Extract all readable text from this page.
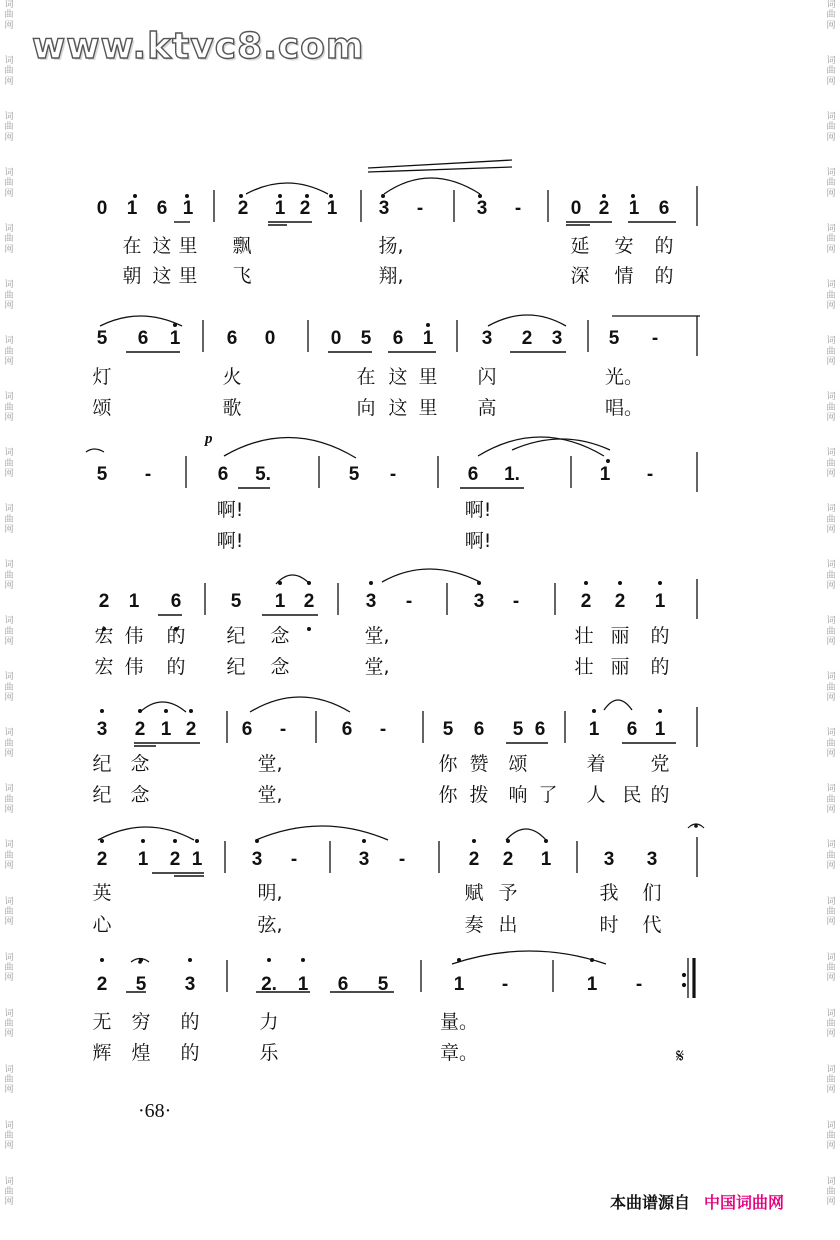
词
曲
网
词
曲
网
词
曲
网
词
曲
网
词
曲
网
词
曲
网
词
曲
网
词
曲
网
词
曲
网
词
曲
网
词
曲
网
词
曲
网
词
曲
网
词
曲
网
词
曲
网
词
曲
网
词
曲
网
词
曲
网
词
曲
网
词
曲
网
词
曲
网
词
曲
网
词
曲
网
词
曲
网
词
曲
网
词
曲
网
词
曲
网
词
曲
网
词
曲
网
词
曲
网
词
曲
网
词
曲
网
词
曲
网
词
曲
网
词
曲
网
词
曲
网
词
曲
网
词
曲
网
词
曲
网
词
曲
网
词
曲
网
词
曲
网
词
曲
网
词
曲
网
www.ktvc8.com
p
𝄋
0 1 6 1 2 1 2 1 3 -	3 -	0 2 1 6
在 这 里 飘	扬,	延 安 的
朝 这 里 飞	翔,	深 情 的
5 6 1 6 0	0 5 6 1	3 2 3 5 -
灯	火	在 这 里 闪	光。
颂	歌	向 这 里 高	唱。
5 -	6 5.	5 -	6 1.	1 -
啊!	啊!
啊!	啊!
2 1 6	5 1 2	3 -	3 -	2 2 1
宏 伟 的 纪 念	堂,	壮 丽 的
宏 伟 的 纪 念	堂,	壮 丽 的
3 2 1 2 6 -	6 -	5 6 5 6 1 6 1
纪 念	堂,	你 赞 颂	着 党
纪 念	堂,	你 拨 响 了 人 民 的
2 1 2 1	3 -	3 -	2 2 1	3 3
英	明,	赋 予	我 们
心	弦,	奏 出	时 代
2 5 3	2. 1 6 5	1 -	1 -
无 穷 的	力	量。
辉 煌 的	乐	章。
·68·
本曲谱源自 中国词曲网
